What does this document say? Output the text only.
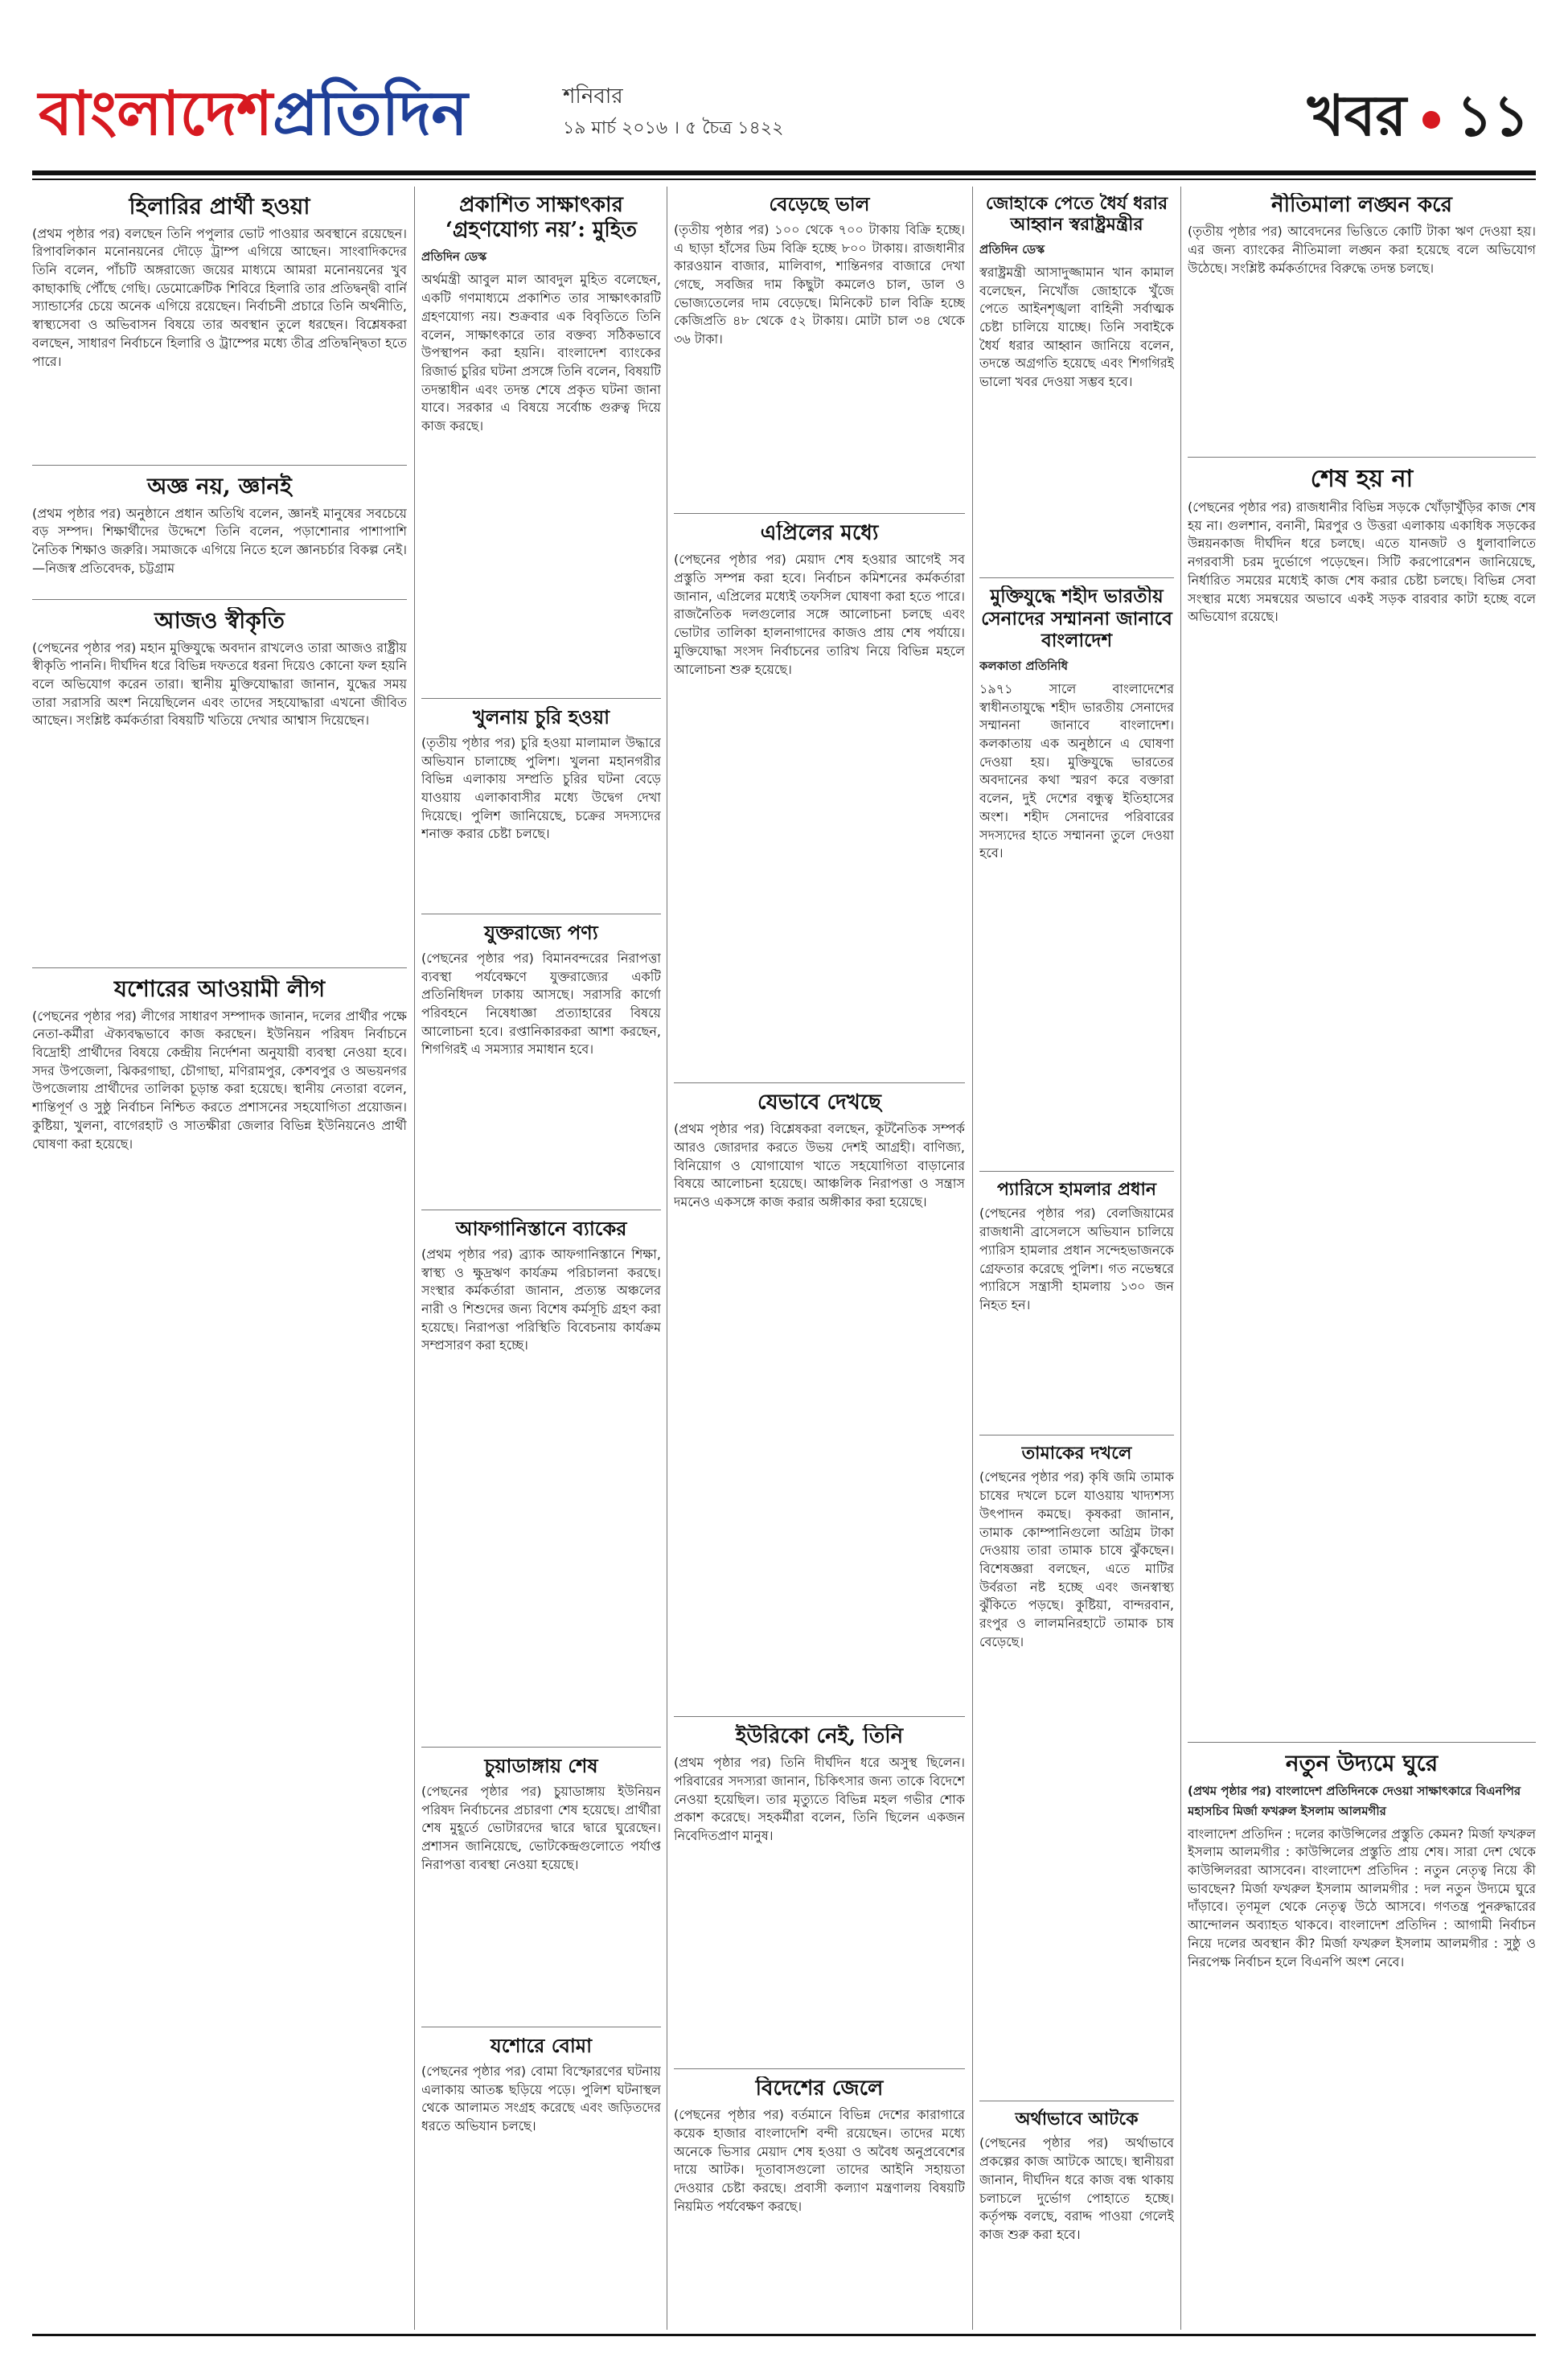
বাংলাদেশপ্রতিদিন	শনিবার
১৯ মার্চ ২০১৬ । ৫ চৈত্র ১৪২২	খবর ১১
হিলারির প্রার্থী হওয়া

(প্রথম পৃষ্ঠার পর) বলছেন তিনি পপুলার ভোট পাওয়ার অবস্থানে রয়েছেন। রিপাবলিকান মনোনয়নের দৌড়ে ট্রাম্প এগিয়ে আছেন। সাংবাদিকদের তিনি বলেন, পাঁচটি অঙ্গরাজ্যে জয়ের মাধ্যমে আমরা মনোনয়নের খুব কাছাকাছি পৌঁছে গেছি। ডেমোক্রেটিক শিবিরে হিলারি তার প্রতিদ্বন্দ্বী বার্নি স্যান্ডার্সের চেয়ে অনেক এগিয়ে রয়েছেন। নির্বাচনী প্রচারে তিনি অর্থনীতি, স্বাস্থ্যসেবা ও অভিবাসন বিষয়ে তার অবস্থান তুলে ধরছেন। বিশ্লেষকরা বলছেন, সাধারণ নির্বাচনে হিলারি ও ট্রাম্পের মধ্যে তীব্র প্রতিদ্বন্দ্বিতা হতে পারে।

অজ্ঞ নয়, জ্ঞানই

(প্রথম পৃষ্ঠার পর) অনুষ্ঠানে প্রধান অতিথি বলেন, জ্ঞানই মানুষের সবচেয়ে বড় সম্পদ। শিক্ষার্থীদের উদ্দেশে তিনি বলেন, পড়াশোনার পাশাপাশি নৈতিক শিক্ষাও জরুরি। সমাজকে এগিয়ে নিতে হলে জ্ঞানচর্চার বিকল্প নেই। —নিজস্ব প্রতিবেদক, চট্টগ্রাম

আজও স্বীকৃতি

(পেছনের পৃষ্ঠার পর) মহান মুক্তিযুদ্ধে অবদান রাখলেও তারা আজও রাষ্ট্রীয় স্বীকৃতি পাননি। দীর্ঘদিন ধরে বিভিন্ন দফতরে ধরনা দিয়েও কোনো ফল হয়নি বলে অভিযোগ করেন তারা। স্থানীয় মুক্তিযোদ্ধারা জানান, যুদ্ধের সময় তারা সরাসরি অংশ নিয়েছিলেন এবং তাদের সহযোদ্ধারা এখনো জীবিত আছেন। সংশ্লিষ্ট কর্মকর্তারা বিষয়টি খতিয়ে দেখার আশ্বাস দিয়েছেন।

যশোরের আওয়ামী লীগ

(পেছনের পৃষ্ঠার পর) লীগের সাধারণ সম্পাদক জানান, দলের প্রার্থীর পক্ষে নেতা-কর্মীরা ঐক্যবদ্ধভাবে কাজ করছেন। ইউনিয়ন পরিষদ নির্বাচনে বিদ্রোহী প্রার্থীদের বিষয়ে কেন্দ্রীয় নির্দেশনা অনুযায়ী ব্যবস্থা নেওয়া হবে। সদর উপজেলা, ঝিকরগাছা, চৌগাছা, মণিরামপুর, কেশবপুর ও অভয়নগর উপজেলায় প্রার্থীদের তালিকা চূড়ান্ত করা হয়েছে। স্থানীয় নেতারা বলেন, শান্তিপূর্ণ ও সুষ্ঠু নির্বাচন নিশ্চিত করতে প্রশাসনের সহযোগিতা প্রয়োজন। কুষ্টিয়া, খুলনা, বাগেরহাট ও সাতক্ষীরা জেলার বিভিন্ন ইউনিয়নেও প্রার্থী ঘোষণা করা হয়েছে।

প্রকাশিত সাক্ষাৎকার ‘গ্রহণযোগ্য নয়’: মুহিত

প্রতিদিন ডেস্ক

অর্থমন্ত্রী আবুল মাল আবদুল মুহিত বলেছেন, একটি গণমাধ্যমে প্রকাশিত তার সাক্ষাৎকারটি গ্রহণযোগ্য নয়। শুক্রবার এক বিবৃতিতে তিনি বলেন, সাক্ষাৎকারে তার বক্তব্য সঠিকভাবে উপস্থাপন করা হয়নি। বাংলাদেশ ব্যাংকের রিজার্ভ চুরির ঘটনা প্রসঙ্গে তিনি বলেন, বিষয়টি তদন্তাধীন এবং তদন্ত শেষে প্রকৃত ঘটনা জানা যাবে। সরকার এ বিষয়ে সর্বোচ্চ গুরুত্ব দিয়ে কাজ করছে।

খুলনায় চুরি হওয়া

(তৃতীয় পৃষ্ঠার পর) চুরি হওয়া মালামাল উদ্ধারে অভিযান চালাচ্ছে পুলিশ। খুলনা মহানগরীর বিভিন্ন এলাকায় সম্প্রতি চুরির ঘটনা বেড়ে যাওয়ায় এলাকাবাসীর মধ্যে উদ্বেগ দেখা দিয়েছে। পুলিশ জানিয়েছে, চক্রের সদস্যদের শনাক্ত করার চেষ্টা চলছে।

যুক্তরাজ্যে পণ্য

(পেছনের পৃষ্ঠার পর) বিমানবন্দরের নিরাপত্তা ব্যবস্থা পর্যবেক্ষণে যুক্তরাজ্যের একটি প্রতিনিধিদল ঢাকায় আসছে। সরাসরি কার্গো পরিবহনে নিষেধাজ্ঞা প্রত্যাহারের বিষয়ে আলোচনা হবে। রপ্তানিকারকরা আশা করছেন, শিগগিরই এ সমস্যার সমাধান হবে।

আফগানিস্তানে ব্যাকের

(প্রথম পৃষ্ঠার পর) ব্র্যাক আফগানিস্তানে শিক্ষা, স্বাস্থ্য ও ক্ষুদ্রঋণ কার্যক্রম পরিচালনা করছে। সংস্থার কর্মকর্তারা জানান, প্রত্যন্ত অঞ্চলের নারী ও শিশুদের জন্য বিশেষ কর্মসূচি গ্রহণ করা হয়েছে। নিরাপত্তা পরিস্থিতি বিবেচনায় কার্যক্রম সম্প্রসারণ করা হচ্ছে।

চুয়াডাঙ্গায় শেষ

(পেছনের পৃষ্ঠার পর) চুয়াডাঙ্গায় ইউনিয়ন পরিষদ নির্বাচনের প্রচারণা শেষ হয়েছে। প্রার্থীরা শেষ মুহূর্তে ভোটারদের দ্বারে দ্বারে ঘুরেছেন। প্রশাসন জানিয়েছে, ভোটকেন্দ্রগুলোতে পর্যাপ্ত নিরাপত্তা ব্যবস্থা নেওয়া হয়েছে।

যশোরে বোমা

(পেছনের পৃষ্ঠার পর) বোমা বিস্ফোরণের ঘটনায় এলাকায় আতঙ্ক ছড়িয়ে পড়ে। পুলিশ ঘটনাস্থল থেকে আলামত সংগ্রহ করেছে এবং জড়িতদের ধরতে অভিযান চলছে।

বেড়েছে ভাল

(তৃতীয় পৃষ্ঠার পর) ১০০ থেকে ৭০০ টাকায় বিক্রি হচ্ছে। এ ছাড়া হাঁসের ডিম বিক্রি হচ্ছে ৮০০ টাকায়। রাজধানীর কারওয়ান বাজার, মালিবাগ, শান্তিনগর বাজারে দেখা গেছে, সবজির দাম কিছুটা কমলেও চাল, ডাল ও ভোজ্যতেলের দাম বেড়েছে। মিনিকেট চাল বিক্রি হচ্ছে কেজিপ্রতি ৪৮ থেকে ৫২ টাকায়। মোটা চাল ৩৪ থেকে ৩৬ টাকা।

এপ্রিলের মধ্যে

(পেছনের পৃষ্ঠার পর) মেয়াদ শেষ হওয়ার আগেই সব প্রস্তুতি সম্পন্ন করা হবে। নির্বাচন কমিশনের কর্মকর্তারা জানান, এপ্রিলের মধ্যেই তফসিল ঘোষণা করা হতে পারে। রাজনৈতিক দলগুলোর সঙ্গে আলোচনা চলছে এবং ভোটার তালিকা হালনাগাদের কাজও প্রায় শেষ পর্যায়ে। মুক্তিযোদ্ধা সংসদ নির্বাচনের তারিখ নিয়ে বিভিন্ন মহলে আলোচনা শুরু হয়েছে।

যেভাবে দেখছে

(প্রথম পৃষ্ঠার পর) বিশ্লেষকরা বলছেন, কূটনৈতিক সম্পর্ক আরও জোরদার করতে উভয় দেশই আগ্রহী। বাণিজ্য, বিনিয়োগ ও যোগাযোগ খাতে সহযোগিতা বাড়ানোর বিষয়ে আলোচনা হয়েছে। আঞ্চলিক নিরাপত্তা ও সন্ত্রাস দমনেও একসঙ্গে কাজ করার অঙ্গীকার করা হয়েছে।

ইউরিকো নেই, তিনি

(প্রথম পৃষ্ঠার পর) তিনি দীর্ঘদিন ধরে অসুস্থ ছিলেন। পরিবারের সদস্যরা জানান, চিকিৎসার জন্য তাকে বিদেশে নেওয়া হয়েছিল। তার মৃত্যুতে বিভিন্ন মহল গভীর শোক প্রকাশ করেছে। সহকর্মীরা বলেন, তিনি ছিলেন একজন নিবেদিতপ্রাণ মানুষ।

বিদেশের জেলে

(পেছনের পৃষ্ঠার পর) বর্তমানে বিভিন্ন দেশের কারাগারে কয়েক হাজার বাংলাদেশি বন্দী রয়েছেন। তাদের মধ্যে অনেকে ভিসার মেয়াদ শেষ হওয়া ও অবৈধ অনুপ্রবেশের দায়ে আটক। দূতাবাসগুলো তাদের আইনি সহায়তা দেওয়ার চেষ্টা করছে। প্রবাসী কল্যাণ মন্ত্রণালয় বিষয়টি নিয়মিত পর্যবেক্ষণ করছে।

জোহাকে পেতে ধৈর্য ধরার আহ্বান স্বরাষ্ট্রমন্ত্রীর

প্রতিদিন ডেস্ক

স্বরাষ্ট্রমন্ত্রী আসাদুজ্জামান খান কামাল বলেছেন, নিখোঁজ জোহাকে খুঁজে পেতে আইনশৃঙ্খলা বাহিনী সর্বাত্মক চেষ্টা চালিয়ে যাচ্ছে। তিনি সবাইকে ধৈর্য ধরার আহ্বান জানিয়ে বলেন, তদন্তে অগ্রগতি হয়েছে এবং শিগগিরই ভালো খবর দেওয়া সম্ভব হবে।

মুক্তিযুদ্ধে শহীদ ভারতীয় সেনাদের সম্মাননা জানাবে বাংলাদেশ

কলকাতা প্রতিনিধি

১৯৭১ সালে বাংলাদেশের স্বাধীনতাযুদ্ধে শহীদ ভারতীয় সেনাদের সম্মাননা জানাবে বাংলাদেশ। কলকাতায় এক অনুষ্ঠানে এ ঘোষণা দেওয়া হয়। মুক্তিযুদ্ধে ভারতের অবদানের কথা স্মরণ করে বক্তারা বলেন, দুই দেশের বন্ধুত্ব ইতিহাসের অংশ। শহীদ সেনাদের পরিবারের সদস্যদের হাতে সম্মাননা তুলে দেওয়া হবে।

প্যারিসে হামলার প্রধান

(পেছনের পৃষ্ঠার পর) বেলজিয়ামের রাজধানী ব্রাসেলসে অভিযান চালিয়ে প্যারিস হামলার প্রধান সন্দেহভাজনকে গ্রেফতার করেছে পুলিশ। গত নভেম্বরে প্যারিসে সন্ত্রাসী হামলায় ১৩০ জন নিহত হন।

তামাকের দখলে

(পেছনের পৃষ্ঠার পর) কৃষি জমি তামাক চাষের দখলে চলে যাওয়ায় খাদ্যশস্য উৎপাদন কমছে। কৃষকরা জানান, তামাক কোম্পানিগুলো অগ্রিম টাকা দেওয়ায় তারা তামাক চাষে ঝুঁকছেন। বিশেষজ্ঞরা বলছেন, এতে মাটির উর্বরতা নষ্ট হচ্ছে এবং জনস্বাস্থ্য ঝুঁকিতে পড়ছে। কুষ্টিয়া, বান্দরবান, রংপুর ও লালমনিরহাটে তামাক চাষ বেড়েছে।

অর্থাভাবে আটকে

(পেছনের পৃষ্ঠার পর) অর্থাভাবে প্রকল্পের কাজ আটকে আছে। স্থানীয়রা জানান, দীর্ঘদিন ধরে কাজ বন্ধ থাকায় চলাচলে দুর্ভোগ পোহাতে হচ্ছে। কর্তৃপক্ষ বলছে, বরাদ্দ পাওয়া গেলেই কাজ শুরু করা হবে।

নীতিমালা লঙ্ঘন করে

(তৃতীয় পৃষ্ঠার পর) আবেদনের ভিত্তিতে কোটি টাকা ঋণ দেওয়া হয়। এর জন্য ব্যাংকের নীতিমালা লঙ্ঘন করা হয়েছে বলে অভিযোগ উঠেছে। সংশ্লিষ্ট কর্মকর্তাদের বিরুদ্ধে তদন্ত চলছে।

শেষ হয় না

(পেছনের পৃষ্ঠার পর) রাজধানীর বিভিন্ন সড়কে খোঁড়াখুঁড়ির কাজ শেষ হয় না। গুলশান, বনানী, মিরপুর ও উত্তরা এলাকায় একাধিক সড়কের উন্নয়নকাজ দীর্ঘদিন ধরে চলছে। এতে যানজট ও ধুলাবালিতে নগরবাসী চরম দুর্ভোগে পড়েছেন। সিটি করপোরেশন জানিয়েছে, নির্ধারিত সময়ের মধ্যেই কাজ শেষ করার চেষ্টা চলছে। বিভিন্ন সেবা সংস্থার মধ্যে সমন্বয়ের অভাবে একই সড়ক বারবার কাটা হচ্ছে বলে অভিযোগ রয়েছে।

নতুন উদ্যমে ঘুরে

(প্রথম পৃষ্ঠার পর) বাংলাদেশ প্রতিদিনকে দেওয়া সাক্ষাৎকারে বিএনপির মহাসচিব মির্জা ফখরুল ইসলাম আলমগীর

বাংলাদেশ প্রতিদিন : দলের কাউন্সিলের প্রস্তুতি কেমন? মির্জা ফখরুল ইসলাম আলমগীর : কাউন্সিলের প্রস্তুতি প্রায় শেষ। সারা দেশ থেকে কাউন্সিলররা আসবেন। বাংলাদেশ প্রতিদিন : নতুন নেতৃত্ব নিয়ে কী ভাবছেন? মির্জা ফখরুল ইসলাম আলমগীর : দল নতুন উদ্যমে ঘুরে দাঁড়াবে। তৃণমূল থেকে নেতৃত্ব উঠে আসবে। গণতন্ত্র পুনরুদ্ধারের আন্দোলন অব্যাহত থাকবে। বাংলাদেশ প্রতিদিন : আগামী নির্বাচন নিয়ে দলের অবস্থান কী? মির্জা ফখরুল ইসলাম আলমগীর : সুষ্ঠু ও নিরপেক্ষ নির্বাচন হলে বিএনপি অংশ নেবে।
